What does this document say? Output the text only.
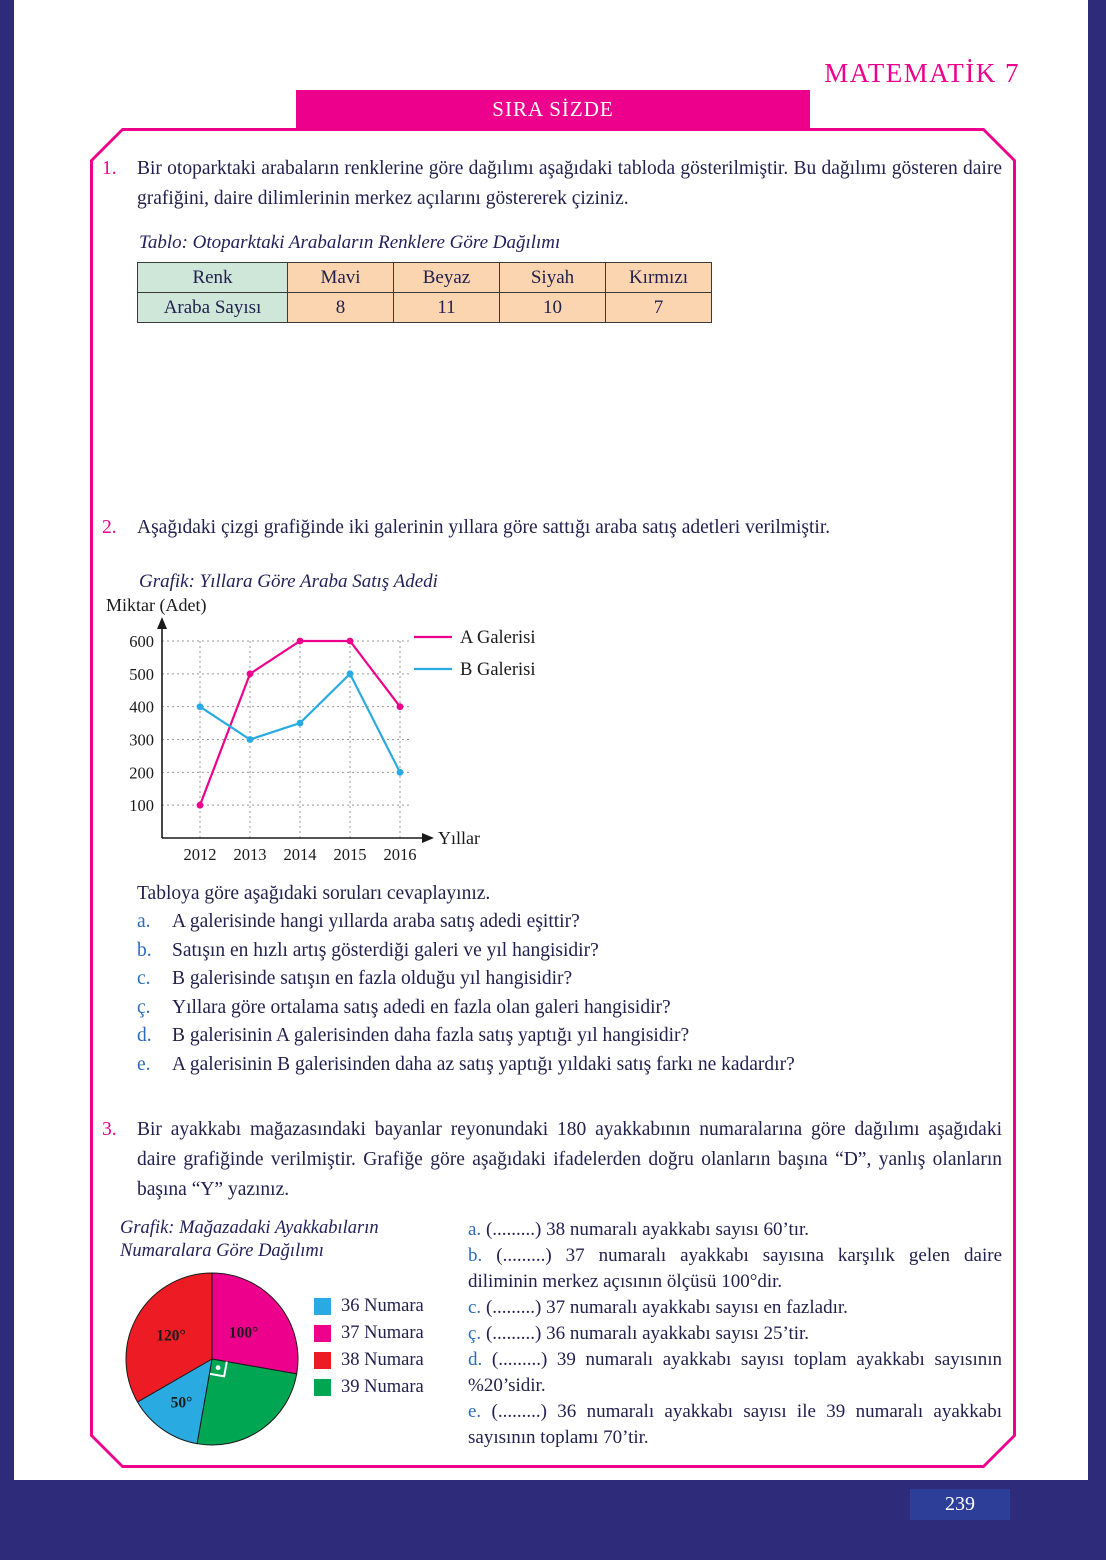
MATEMATİK 7
SIRA SİZDE
1.	Bir otoparktaki arabaların renklerine göre dağılımı aşağıdaki tabloda gösterilmiştir. Bu dağılımı gösteren daire grafiğini, daire dilimlerinin merkez açılarını göstererek çiziniz.

Tablo: Otoparktaki Arabaların Renklere Göre Dağılımı
Renk	Mavi	Beyaz	Siyah	Kırmızı
Araba Sayısı	8	11	10	7
2.	Aşağıdaki çizgi grafiğinde iki galerinin yıllara göre sattığı araba satış adetleri verilmiştir.

Grafik: Yıllara Göre Araba Satış Adedi
100
200
300
400
500
600
2012 2013 2014 2015 2016
Miktar (Adet)
Yıllar
A Galerisi
B Galerisi
Tabloya göre aşağıdaki soruları cevaplayınız.
a.	A galerisinde hangi yıllarda araba satış adedi eşittir?
b.	Satışın en hızlı artış gösterdiği galeri ve yıl hangisidir?
c.	B galerisinde satışın en fazla olduğu yıl hangisidir?
ç.	Yıllara göre ortalama satış adedi en fazla olan galeri hangisidir?
d.	B galerisinin A galerisinden daha fazla satış yaptığı yıl hangisidir?
e.	A galerisinin B galerisinden daha az satış yaptığı yıldaki satış farkı ne kadardır?
3.	Bir ayakkabı mağazasındaki bayanlar reyonundaki 180 ayakkabının numaralarına göre dağılımı aşağıdaki daire grafiğinde verilmiştir. Grafiğe göre aşağıdaki ifadelerden doğru olanların başına “D”, yanlış olanların başına “Y” yazınız.

Grafik: Mağazadaki Ayakkabıların
Numaralara Göre Dağılımı
100°
50°
120°
36 Numara
37 Numara
38 Numara
39 Numara

a. (.........) 38 numaralı ayakkabı sayısı 60’tır.

b. (.........) 37 numaralı ayakkabı sayısına karşılık gelen daire diliminin merkez açısının ölçüsü 100°dir.

c. (.........) 37 numaralı ayakkabı sayısı en fazladır.

ç. (.........) 36 numaralı ayakkabı sayısı 25’tir.

d. (.........) 39 numaralı ayakkabı sayısı toplam ayakkabı sayısının %20’sidir.

e. (.........) 36 numaralı ayakkabı sayısı ile 39 numaralı ayakkabı sayısının toplamı 70’tir.

239
